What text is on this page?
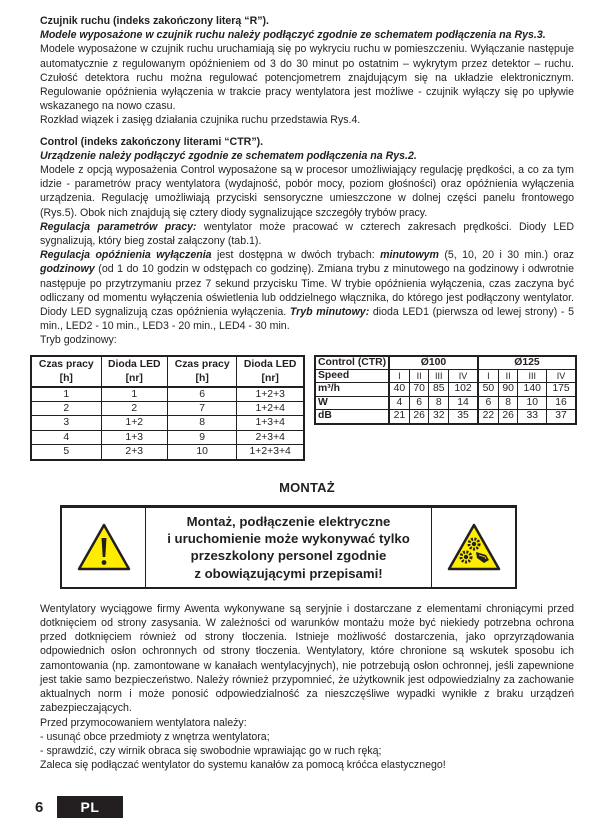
Czujnik ruchu (indeks zakończony literą “R”).

Modele wyposażone w czujnik ruchu należy podłączyć zgodnie ze schematem podłączenia na Rys.3.

Modele wyposażone w czujnik ruchu uruchamiają się po wykryciu ruchu w pomieszczeniu. Wyłączanie następuje automatycznie z regulowanym opóźnieniem od 3 do 30 minut po ostatnim – wykrytym przez detektor – ruchu. Czułość detektora ruchu można regulować potencjometrem znajdującym się na układzie elektronicznym. Regulowanie opóźnienia wyłączenia w trakcie pracy wentylatora jest możliwe - czujnik wyłączy się po upływie wskazanego na nowo czasu.

Rozkład wiązek i zasięg działania czujnika ruchu przedstawia Rys.4.

Control (indeks zakończony literami “CTR”).

Urządzenie należy podłączyć zgodnie ze schematem podłączenia na Rys.2.

Modele z opcją wyposażenia Control wyposażone są w procesor umożliwiający regulację prędkości, a co za tym idzie - parametrów pracy wentylatora (wydajność, pobór mocy, poziom głośności) oraz opóźnienia wyłączenia urządzenia. Regulację umożliwiają przyciski sensoryczne umieszczone w dolnej części panelu frontowego (Rys.5). Obok nich znajdują się cztery diody sygnalizujące szczegóły trybów pracy.

Regulacja parametrów pracy: wentylator może pracować w czterech zakresach prędkości. Diody LED sygnalizują, który bieg został załączony (tab.1).

Regulacja opóźnienia wyłączenia jest dostępna w dwóch trybach: minutowym (5, 10, 20 i 30 min.) oraz godzinowy (od 1 do 10 godzin w odstępach co godzinę). Zmiana trybu z minutowego na godzinowy i odwrotnie następuje po przytrzymaniu przez 7 sekund przycisku Time. W trybie opóźnienia wyłączenia, czas zaczyna być odliczany od momentu wyłączenia oświetlenia lub oddzielnego włącznika, do którego jest podłączony wentylator. Diody LED sygnalizują czas opóźnienia wyłączenia. Tryb minutowy: dioda LED1 (pierwsza od lewej strony) - 5 min., LED2 - 10 min., LED3 - 20 min., LED4 - 30 min.

Tryb godzinowy:

Czas pracy	Dioda LED	Czas pracy	Dioda LED
[h]	[nr]	[h]	[nr]
1	1	6	1+2+3
2	2	7	1+2+4
3	1+2	8	1+3+4
4	1+3	9	2+3+4
5	2+3	10	1+2+3+4
Control (CTR)	Ø100				Ø125			
Speed	I	II	III	IV	I	II	III	IV
m³/h	40	70	85	102	50	90	140	175
W	4	6	8	14	6	8	10	16
dB	21	26	32	35	22	26	33	37
MONTAŻ
Montaż, podłączenie elektryczne
i uruchomienie może wykonywać tylko
przeszkolony personel zgodnie
z obowiązującymi przepisami!

Wentylatory wyciągowe firmy Awenta wykonywane są seryjnie i dostarczane z elementami chroniącymi przed dotknięciem od strony zasysania. W zależności od warunków montażu może być niekiedy potrzebna ochrona przed dotknięciem również od strony tłoczenia. Istnieje możliwość dostarczenia, jako oprzyrządowania odpowiednich osłon ochronnych od strony tłoczenia. Wentylatory, które chronione są wskutek sposobu ich zamontowania (np. zamontowane w kanałach wentylacyjnych), nie potrzebują osłon ochronnej, jeśli zapewnione jest takie samo bezpieczeństwo. Należy również przypomnieć, że użytkownik jest odpowiedzialny za zachowanie aktualnych norm i może ponosić odpowiedzialność za nieszczęśliwe wypadki wynikłe z braku urządzeń zabezpieczających.

Przed przymocowaniem wentylatora należy:

- usunąć obce przedmioty z wnętrza wentylatora;

- sprawdzić, czy wirnik obraca się swobodnie wprawiając go w ruch ręką;

Zaleca się podłączać wentylator do systemu kanałów za pomocą króćca elastycznego!

6	PL
